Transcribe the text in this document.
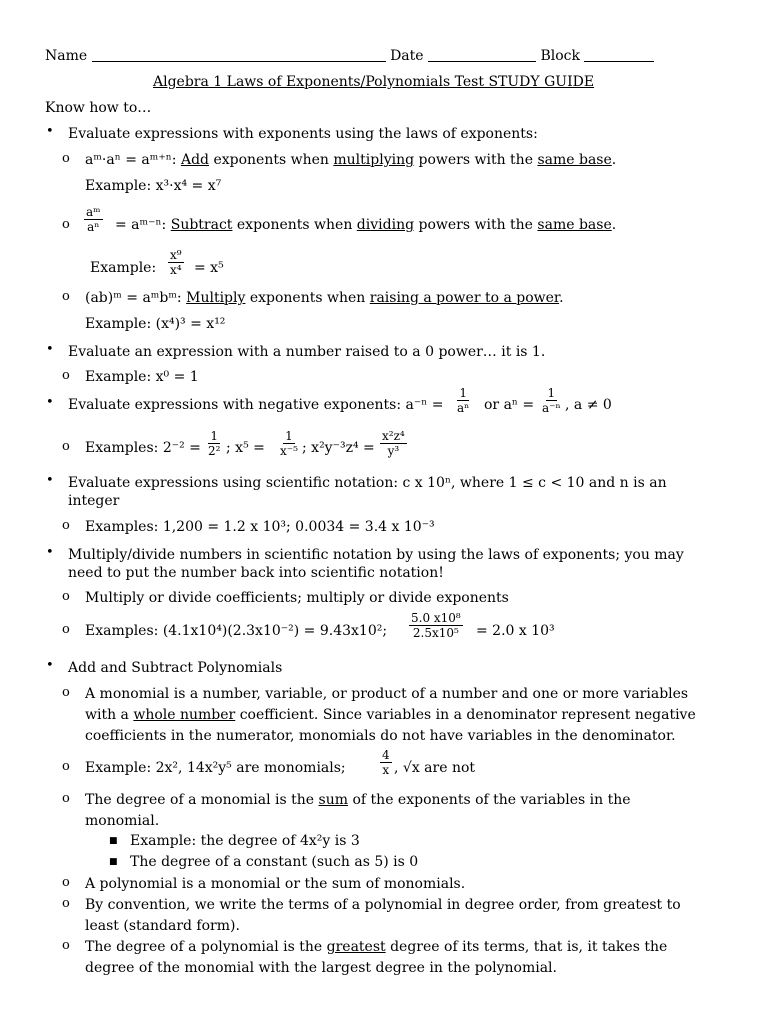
Name	Date	Block
Algebra 1 Laws of Exponents/Polynomials Test STUDY GUIDE
Know how to…
• Evaluate expressions with exponents using the laws of exponents:
o aᵐ·aⁿ = aᵐ⁺ⁿ: Add exponents when multiplying powers with the same base.
Example: x³·x⁴ = x⁷
o $\frac{\text{aᵐ}}{\text{aⁿ}}$ = aᵐ⁻ⁿ: Subtract exponents when dividing powers with the same base.
Example: $\frac{\text{x⁹}}{\text{x⁴}} = x^5$
o (ab)ᵐ = aᵐbᵐ: Multiply exponents when raising a power to a power.
Example: (x⁴)³ = x¹²
• Evaluate an expression with a number raised to a 0 power… it is 1.
o Example: x⁰ = 1
• Evaluate expressions with negative exponents: $a^{-n} = \frac{1}{\text{aⁿ}}$ or $a^n = \frac{1}{\text{a⁻ⁿ}}$ , a ≠ 0
o Examples: $2^{-2} = \frac{1}{\text{2²}}$ ; $x^5 = \frac{1}{\text{x⁻⁵}}$ ; $x^2y^{-3}z^4 = \frac{\text{x²z⁴}}{\text{y³}}$
• Evaluate expressions using scientific notation: c x 10ⁿ, where 1 ≤ c < 10 and n is an
integer
o Examples: 1,200 = 1.2 x 10³; 0.0034 = 3.4 x 10⁻³
• Multiply/divide numbers in scientific notation by using the laws of exponents; you may
need to put the number back into scientific notation!
o Multiply or divide coefficients; multiply or divide exponents
o Examples: (4.1x10⁴)(2.3x10⁻²) = 9.43x10²; $\frac{\text{5.0 x10⁸}}{\text{2.5x10⁵}} = 2.0$ x 10³
• Add and Subtract Polynomials
o A monomial is a number, variable, or product of a number and one or more variables
with a whole number coefficient. Since variables in a denominator represent negative
coefficients in the numerator, monomials do not have variables in the denominator.
o Example: 2x², 14x²y⁵ are monomials;	$\frac{4}{x}$ , √x are not
o The degree of a monomial is the sum of the exponents of the variables in the
monomial.
■ Example: the degree of 4x²y is 3
■ The degree of a constant (such as 5) is 0
o A polynomial is a monomial or the sum of monomials.
o By convention, we write the terms of a polynomial in degree order, from greatest to
least (standard form).
o The degree of a polynomial is the greatest degree of its terms, that is, it takes the
degree of the monomial with the largest degree in the polynomial.
